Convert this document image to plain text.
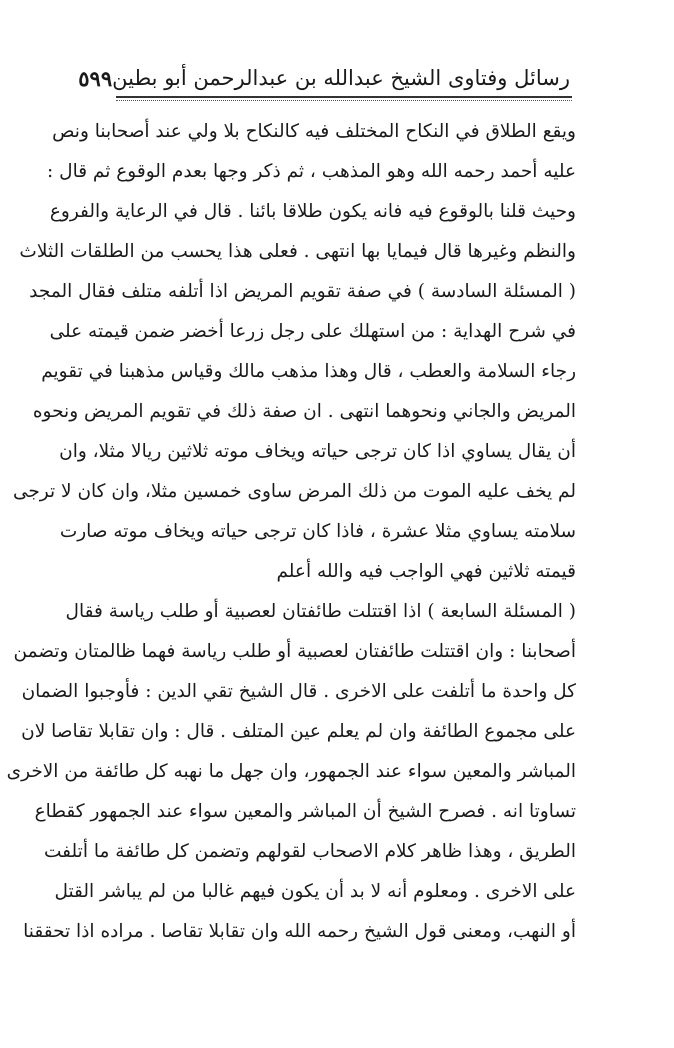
رسائل وفتاوى الشيخ عبدالله بن عبدالرحمن أبو بطين
٥٩٩
ويقع الطلاق في النكاح المختلف فيه كالنكاح بلا ولي عند أصحابنا ونص
عليه أحمد رحمه الله وهو المذهب ، ثم ذكر وجها بعدم الوقوع ثم قال :
وحيث قلنا بالوقوع فيه فانه يكون طلاقا بائنا . قال في الرعاية والفروع
والنظم وغيرها قال فيمايا بها انتهى . فعلى هذا يحسب من الطلقات الثلاث
( المسئلة السادسة ) في صفة تقويم المريض اذا أتلفه متلف فقال المجد
في شرح الهداية : من استهلك على رجل زرعا أخضر ضمن قيمته على
رجاء السلامة والعطب ، قال وهذا مذهب مالك وقياس مذهبنا في تقويم
المريض والجاني ونحوهما انتهى . ان صفة ذلك في تقويم المريض ونحوه
أن يقال يساوي اذا كان ترجى حياته ويخاف موته ثلاثين ريالا مثلا، وان
لم يخف عليه الموت من ذلك المرض ساوى خمسين مثلا، وان كان لا ترجى
سلامته يساوي مثلا عشرة ، فاذا كان ترجى حياته ويخاف موته صارت
قيمته ثلاثين فهي الواجب فيه والله أعلم
( المسئلة السابعة ) اذا اقتتلت طائفتان لعصبية أو طلب رياسة فقال
أصحابنا : وان اقتتلت طائفتان لعصبية أو طلب رياسة فهما ظالمتان وتضمن
كل واحدة ما أتلفت على الاخرى . قال الشيخ تقي الدين : فأوجبوا الضمان
على مجموع الطائفة وان لم يعلم عين المتلف . قال : وان تقابلا تقاصا لان
المباشر والمعين سواء عند الجمهور، وان جهل ما نهبه كل طائفة من الاخرى
تساوتا انه . فصرح الشيخ أن المباشر والمعين سواء عند الجمهور كقطاع
الطريق ، وهذا ظاهر كلام الاصحاب لقولهم وتضمن كل طائفة ما أتلفت
على الاخرى . ومعلوم أنه لا بد أن يكون فيهم غالبا من لم يباشر القتل
أو النهب، ومعنى قول الشيخ رحمه الله وان تقابلا تقاصا . مراده اذا تحققنا
